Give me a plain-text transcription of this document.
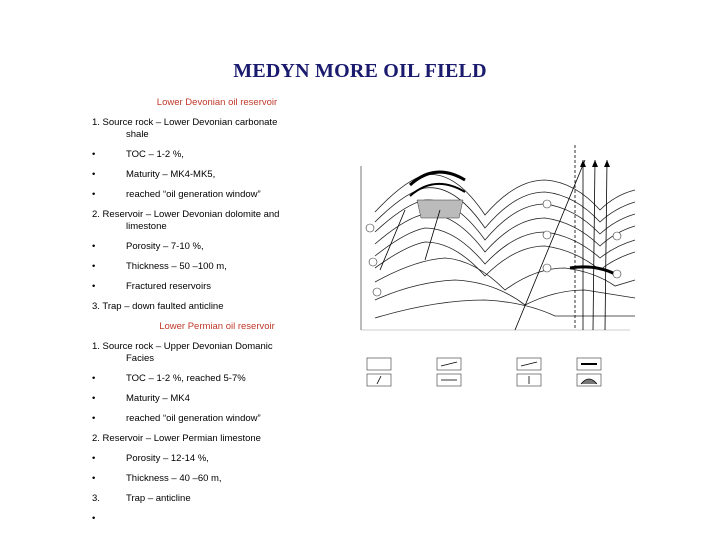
MEDYN MORE OIL FIELD
Lower Devonian oil reservoir
1. Source rock – Lower Devonian carbonate
shale
•	TOC – 1-2 %,
•	Maturity – MK4-MK5,
•	reached “oil generation window”
2. Reservoir – Lower Devonian dolomite and
limestone
•	Porosity – 7-10 %,
•	Thickness – 50 –100 m,
•	Fractured reservoirs
3. Trap – down faulted anticline
Lower Permian oil reservoir
1. Source rock – Upper Devonian Domanic
Facies
•	TOC – 1-2 %, reached 5-7%
•	Maturity – MK4
•	reached “oil generation window”
2. Reservoir – Lower Permian limestone
•	Porosity – 12-14 %,
•	Thickness – 40 –60 m,
3.	Trap – anticline
•
